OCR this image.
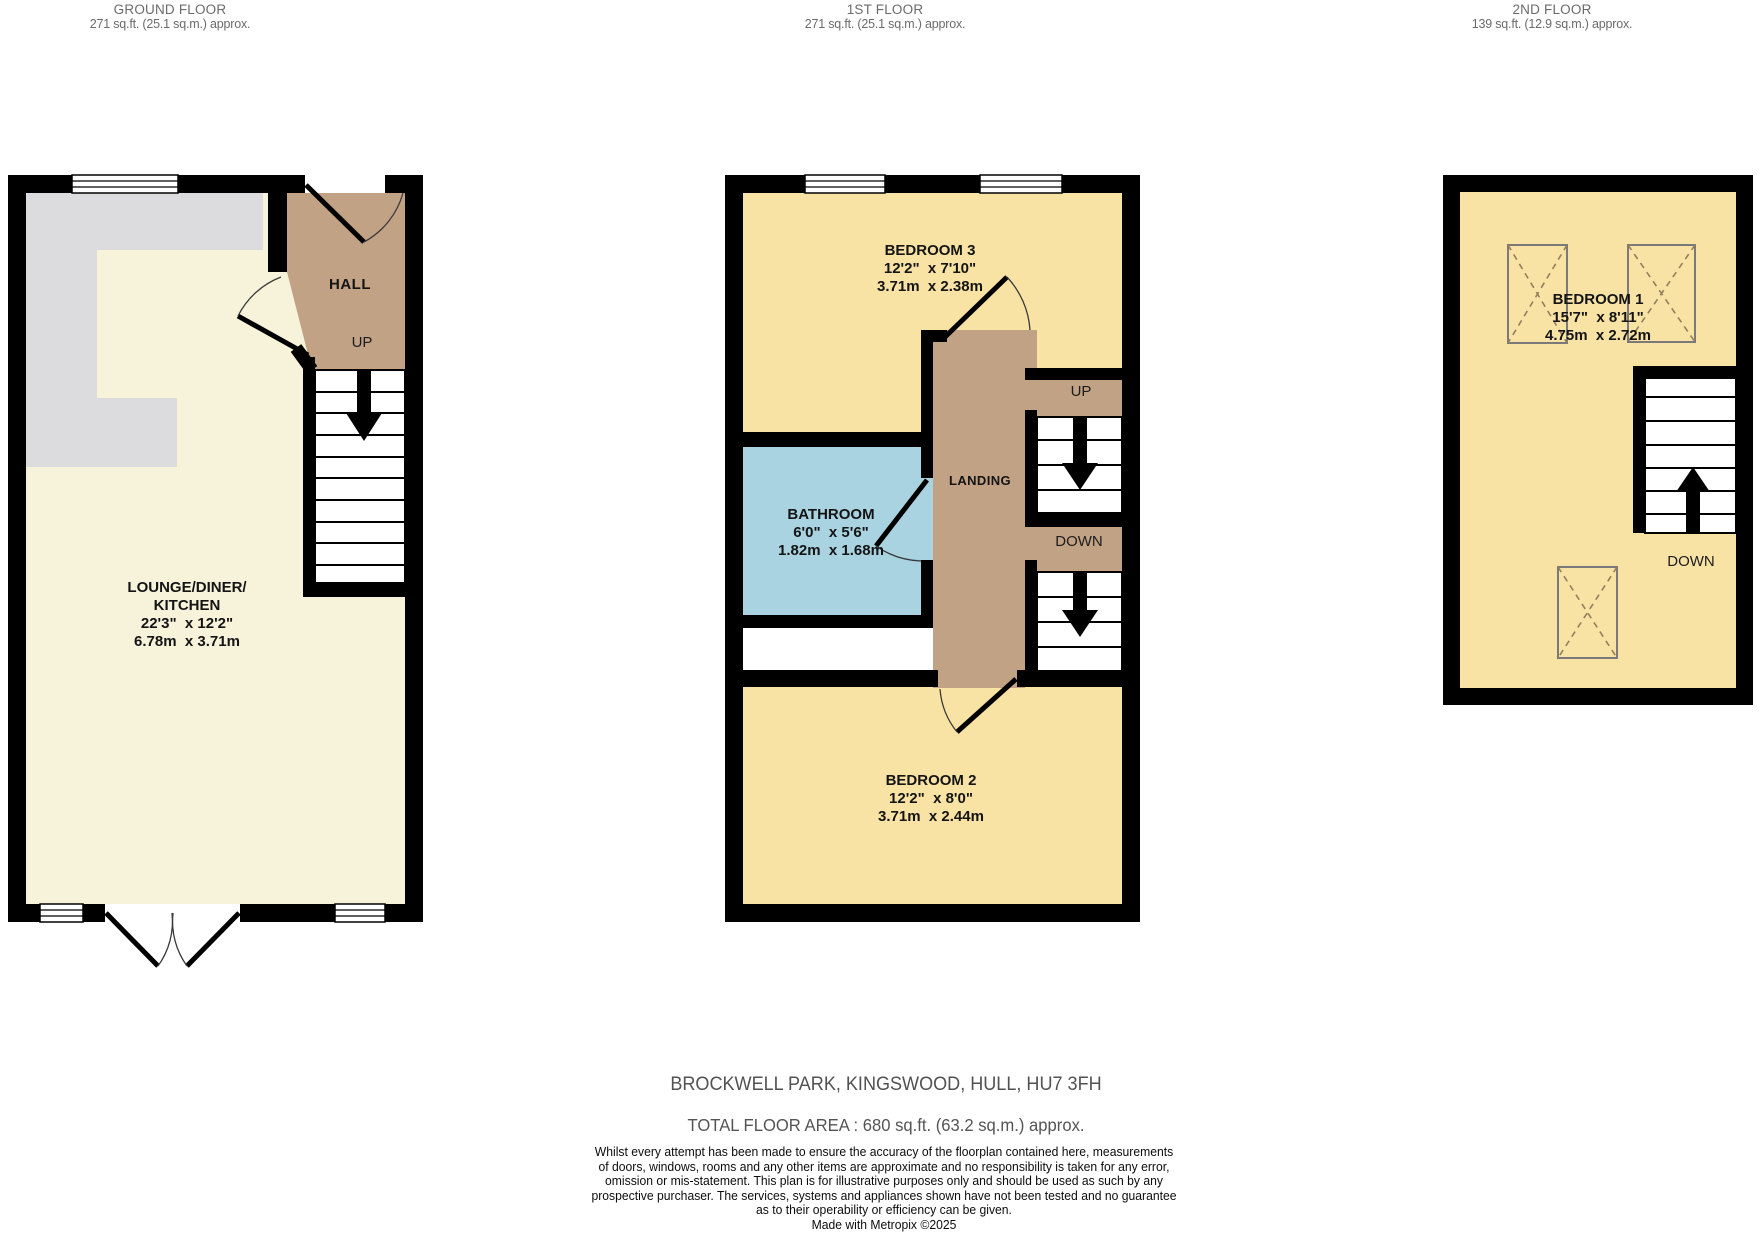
GROUND FLOOR
271 sq.ft. (25.1 sq.m.) approx.
1ST FLOOR
271 sq.ft. (25.1 sq.m.) approx.
2ND FLOOR
139 sq.ft. (12.9 sq.m.) approx.
LOUNGE/DINER/
KITCHEN
22'3"  x 12'2"
6.78m  x 3.71m
HALL
UP
BEDROOM 3
12'2"  x 7'10"
3.71m  x 2.38m
BATHROOM
6'0"  x 5'6"
1.82m  x 1.68m
LANDING
UP
DOWN
BEDROOM 2
12'2"  x 8'0"
3.71m  x 2.44m
BEDROOM 1
15'7"  x 8'11"
4.75m  x 2.72m
DOWN
BROCKWELL PARK, KINGSWOOD, HULL, HU7 3FH
TOTAL FLOOR AREA : 680 sq.ft. (63.2 sq.m.) approx.
Whilst every attempt has been made to ensure the accuracy of the floorplan contained here, measurements
of doors, windows, rooms and any other items are approximate and no responsibility is taken for any error,
omission or mis-statement. This plan is for illustrative purposes only and should be used as such by any
prospective purchaser. The services, systems and appliances shown have not been tested and no guarantee
as to their operability or efficiency can be given.
Made with Metropix ©2025
